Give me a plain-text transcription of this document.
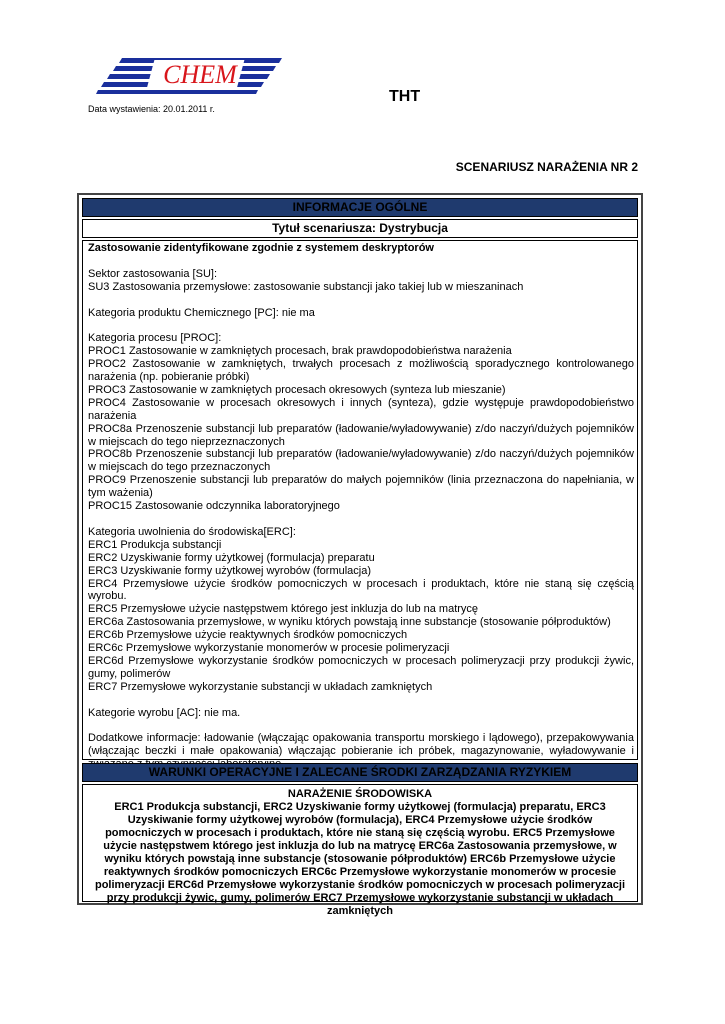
CHEM
Data wystawienia: 20.01.2011 r.
THT
SCENARIUSZ NARAŻENIA NR 2
INFORMACJE OGÓLNE
Tytuł scenariusza: Dystrybucja

Zastosowanie zidentyfikowane zgodnie z systemem deskryptorów

Sektor zastosowania [SU]:

SU3 Zastosowania przemysłowe: zastosowanie substancji jako takiej lub w mieszaninach

Kategoria produktu Chemicznego [PC]: nie ma

Kategoria procesu [PROC]:

PROC1 Zastosowanie w zamkniętych procesach, brak prawdopodobieństwa narażenia

PROC2 Zastosowanie w zamkniętych, trwałych procesach z możliwością sporadycznego kontrolowanego narażenia (np. pobieranie próbki)

PROC3 Zastosowanie w zamkniętych procesach okresowych (synteza lub mieszanie)

PROC4 Zastosowanie w procesach okresowych i innych (synteza), gdzie występuje prawdopodobieństwo narażenia

PROC8a Przenoszenie substancji lub preparatów (ładowanie/wyładowywanie) z/do naczyń/dużych pojemników w miejscach do tego nieprzeznaczonych

PROC8b Przenoszenie substancji lub preparatów (ładowanie/wyładowywanie) z/do naczyń/dużych pojemników w miejscach do tego przeznaczonych

PROC9 Przenoszenie substancji lub preparatów do małych pojemników (linia przeznaczona do napełniania, w tym ważenia)

PROC15 Zastosowanie odczynnika laboratoryjnego

Kategoria uwolnienia do środowiska[ERC]:

ERC1 Produkcja substancji

ERC2 Uzyskiwanie formy użytkowej (formulacja) preparatu

ERC3 Uzyskiwanie formy użytkowej wyrobów (formulacja)

ERC4 Przemysłowe użycie środków pomocniczych w procesach i produktach, które nie staną się częścią wyrobu.

ERC5 Przemysłowe użycie następstwem którego jest inkluzja do lub na matrycę

ERC6a Zastosowania przemysłowe, w wyniku których powstają inne substancje (stosowanie półproduktów)

ERC6b Przemysłowe użycie reaktywnych środków pomocniczych

ERC6c Przemysłowe wykorzystanie monomerów w procesie polimeryzacji

ERC6d Przemysłowe wykorzystanie środków pomocniczych w procesach polimeryzacji przy produkcji żywic, gumy, polimerów

ERC7 Przemysłowe wykorzystanie substancji w układach zamkniętych

Kategorie wyrobu [AC]: nie ma.

Dodatkowe informacje: ładowanie (włączając opakowania transportu morskiego i lądowego), przepakowywania (włączając beczki i małe opakowania) włączając pobieranie ich próbek, magazynowanie, wyładowywanie i

WARUNKI OPERACYJNE I ZALECANE ŚRODKI ZARZĄDZANIA RYZYKIEM
NARAŻENIE ŚRODOWISKA
ERC1 Produkcja substancji, ERC2 Uzyskiwanie formy użytkowej (formulacja) preparatu, ERC3 Uzyskiwanie formy użytkowej wyrobów (formulacja), ERC4 Przemysłowe użycie środków pomocniczych w procesach i produktach, które nie staną się częścią wyrobu. ERC5 Przemysłowe użycie następstwem którego jest inkluzja do lub na matrycę ERC6a Zastosowania przemysłowe, w wyniku których powstają inne substancje (stosowanie półproduktów) ERC6b Przemysłowe użycie reaktywnych środków pomocniczych ERC6c Przemysłowe wykorzystanie monomerów w procesie polimeryzacji ERC6d Przemysłowe wykorzystanie środków pomocniczych w procesach polimeryzacji przy produkcji żywic, gumy, polimerów ERC7 Przemysłowe wykorzystanie substancji w układach zamkniętych
